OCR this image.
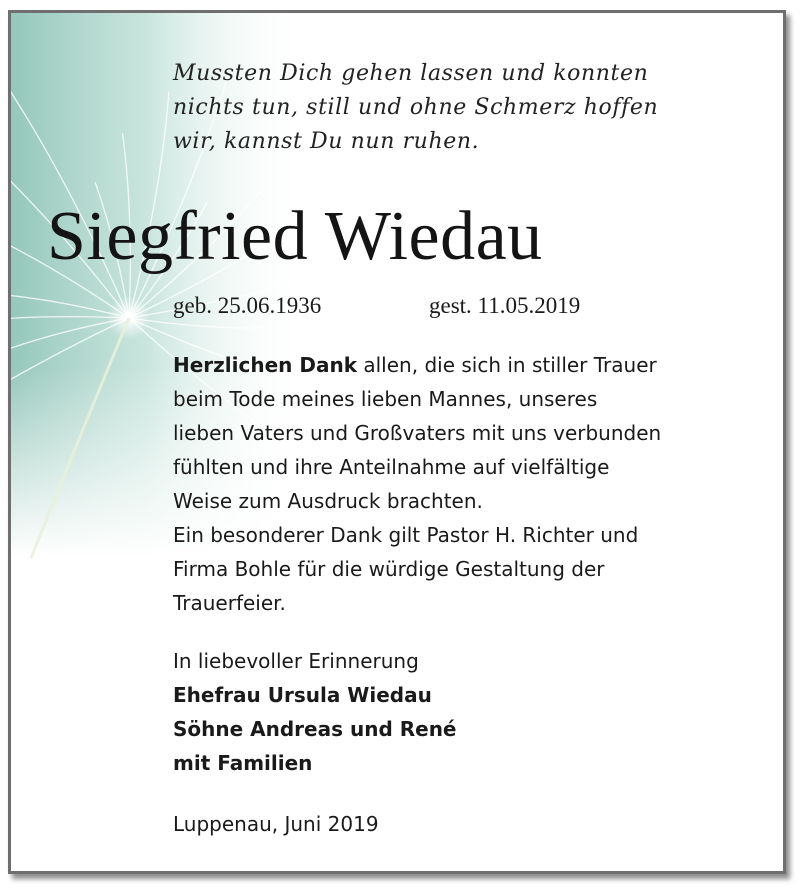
Mussten Dich gehen lassen und konnten
nichts tun, still und ohne Schmerz hoffen
wir, kannst Du nun ruhen.
Siegfried Wiedau
geb. 25.06.1936	gest. 11.05.2019
Herzlichen Dank allen, die sich in stiller Trauer
beim Tode meines lieben Mannes, unseres
lieben Vaters und Großvaters mit uns verbunden
fühlten und ihre Anteilnahme auf vielfältige
Weise zum Ausdruck brachten.
Ein besonderer Dank gilt Pastor H. Richter und
Firma Bohle für die würdige Gestaltung der
Trauerfeier.
In liebevoller Erinnerung
Ehefrau Ursula Wiedau
Söhne Andreas und René
mit Familien
Luppenau, Juni 2019
